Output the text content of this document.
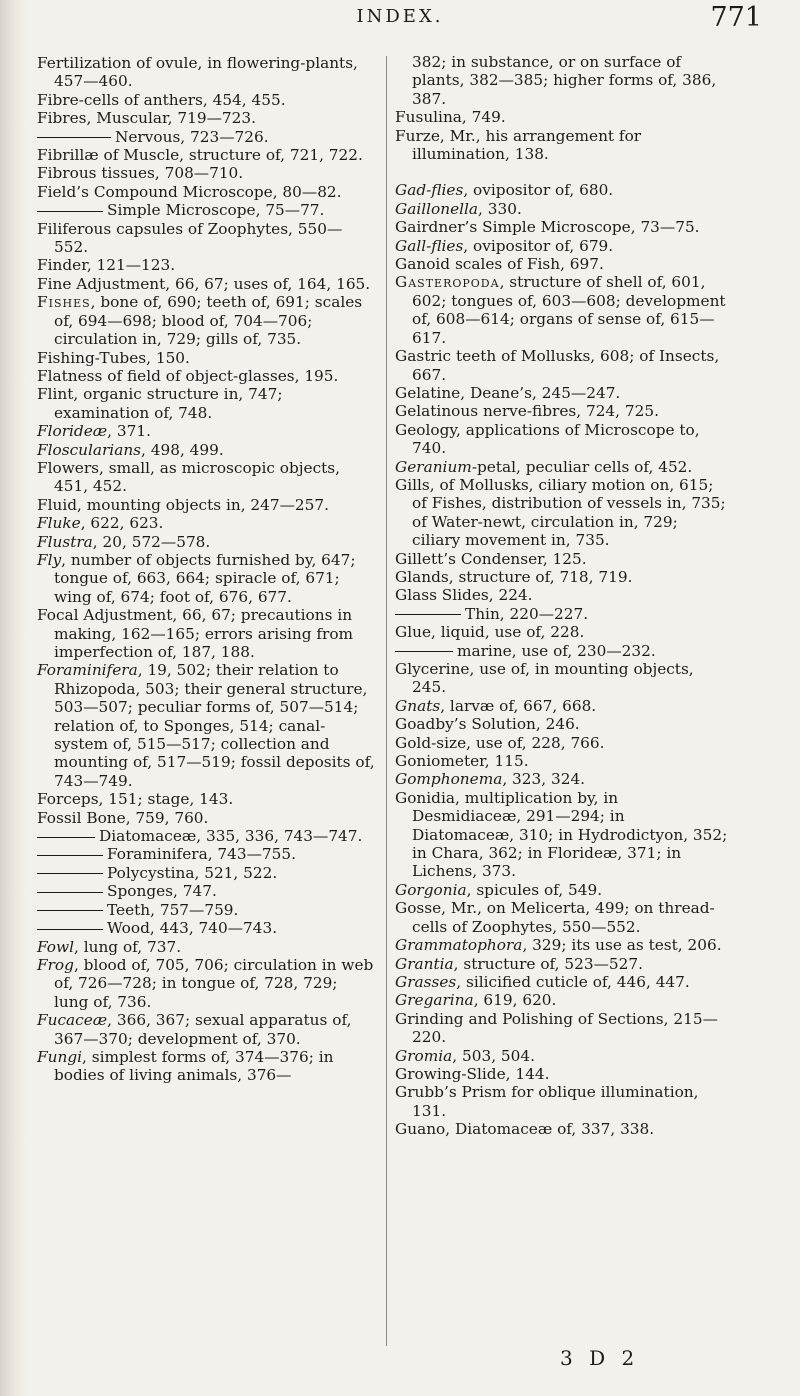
INDEX.	771

Fertilization of ovule, in flowering-plants, 457—460.

Fibre-cells of anthers, 454, 455.

Fibres, Muscular, 719—723.

Nervous, 723—726.

Fibrillæ of Muscle, structure of, 721, 722.

Fibrous tissues, 708—710.

Field’s Compound Microscope, 80—82.

Simple Microscope, 75—77.

Filiferous capsules of Zoophytes, 550—552.

Finder, 121—123.

Fine Adjustment, 66, 67; uses of, 164, 165.

Fishes, bone of, 690; teeth of, 691; scales of, 694—698; blood of, 704—706; circulation in, 729; gills of, 735.

Fishing-Tubes, 150.

Flatness of field of object-glasses, 195.

Flint, organic structure in, 747; examination of, 748.

Florideæ, 371.

Floscularians, 498, 499.

Flowers, small, as microscopic objects, 451, 452.

Fluid, mounting objects in, 247—257.

Fluke, 622, 623.

Flustra, 20, 572—578.

Fly, number of objects furnished by, 647; tongue of, 663, 664; spiracle of, 671; wing of, 674; foot of, 676, 677.

Focal Adjustment, 66, 67; precautions in making, 162—165; errors arising from imperfection of, 187, 188.

Foraminifera, 19, 502; their relation to Rhizopoda, 503; their general structure, 503—507; peculiar forms of, 507—514; relation of, to Sponges, 514; canal-system of, 515—517; collection and mounting of, 517—519; fossil deposits of, 743—749.

Forceps, 151; stage, 143.

Fossil Bone, 759, 760.

Diatomaceæ, 335, 336, 743—747.

Foraminifera, 743—755.

Polycystina, 521, 522.

Sponges, 747.

Teeth, 757—759.

Wood, 443, 740—743.

Fowl, lung of, 737.

Frog, blood of, 705, 706; circulation in web of, 726—728; in tongue of, 728, 729; lung of, 736.

Fucaceæ, 366, 367; sexual apparatus of, 367—370; development of, 370.

Fungi, simplest forms of, 374—376; in bodies of living animals, 376—

382; in substance, or on surface of plants, 382—385; higher forms of, 386, 387.

Fusulina, 749.

Furze, Mr., his arrangement for illumination, 138.

Gad-flies, ovipositor of, 680.

Gaillonella, 330.

Gairdner’s Simple Microscope, 73—75.

Gall-flies, ovipositor of, 679.

Ganoid scales of Fish, 697.

Gasteropoda, structure of shell of, 601, 602; tongues of, 603—608; development of, 608—614; organs of sense of, 615—617.

Gastric teeth of Mollusks, 608; of Insects, 667.

Gelatine, Deane’s, 245—247.

Gelatinous nerve-fibres, 724, 725.

Geology, applications of Microscope to, 740.

Geranium-petal, peculiar cells of, 452.

Gills, of Mollusks, ciliary motion on, 615; of Fishes, distribution of vessels in, 735; of Water-newt, circulation in, 729; ciliary movement in, 735.

Gillett’s Condenser, 125.

Glands, structure of, 718, 719.

Glass Slides, 224.

Thin, 220—227.

Glue, liquid, use of, 228.

marine, use of, 230—232.

Glycerine, use of, in mounting objects, 245.

Gnats, larvæ of, 667, 668.

Goadby’s Solution, 246.

Gold-size, use of, 228, 766.

Goniometer, 115.

Gomphonema, 323, 324.

Gonidia, multiplication by, in Desmidiaceæ, 291—294; in Diatomaceæ, 310; in Hydrodictyon, 352; in Chara, 362; in Florideæ, 371; in Lichens, 373.

Gorgonia, spicules of, 549.

Gosse, Mr., on Melicerta, 499; on thread-cells of Zoophytes, 550—552.

Grammatophora, 329; its use as test, 206.

Grantia, structure of, 523—527.

Grasses, silicified cuticle of, 446, 447.

Gregarina, 619, 620.

Grinding and Polishing of Sections, 215—220.

Gromia, 503, 504.

Growing-Slide, 144.

Grubb’s Prism for oblique illumination, 131.

Guano, Diatomaceæ of, 337, 338.

3 D 2
